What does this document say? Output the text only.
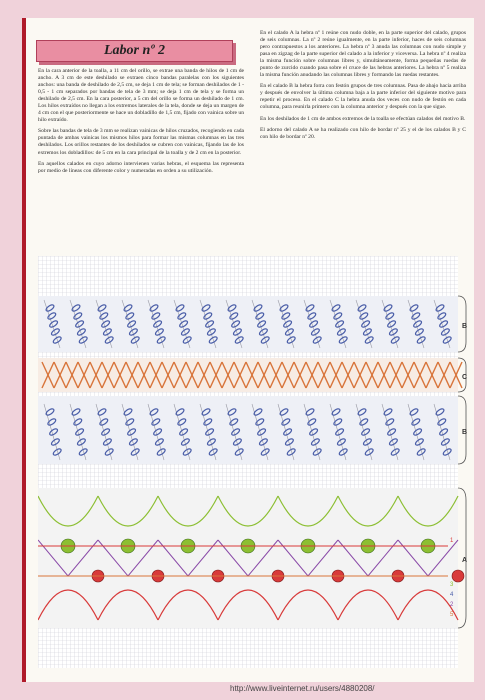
Labor nº 2

En la cara anterior de la toalla, a 11 cm del orillo, se extrae una banda de hilos de 1 cm de ancho. A 3 cm de este deshilado se extraen cinco bandas paralelas con los siguientes anchos: una banda de deshilado de 2,5 cm, se deja 1 cm de tela; se forman deshilados de 1 - 0,5 - 1 cm separados por bandas de tela de 3 mm; se deja 1 cm de tela y se forma un deshilado de 2,5 cm. En la cara posterior, a 5 cm del orillo se forma un deshilado de 1 cm. Los hilos extraídos no llegan a los extremos laterales de la tela, donde se deja un margen de 4 cm con el que posteriormente se hace un dobladillo de 1,5 cm, fijado con vainica sobre un hilo extraído.

Sobre las bandas de tela de 3 mm se realizan vainicas de hilos cruzados, recogiendo en cada puntada de ambas vainicas los mismos hilos para formar las mismas columnas en las tres deshilados. Los orillos restantes de los deshilados se cubren con vainicas, fijando las de los extremos los dobladillos: de 5 cm en la cara principal de la toalla y de 2 cm en la posterior.

En aquellos calados en cuyo adorno intervienen varias hebras, el esquema las representa por medio de líneas con diferente color y numeradas en orden a su utilización.

En el calado A la hebra nº 1 reúne con nudo doble, en la parte superior del calado, grupos de seis columnas. La nº 2 reúne igualmente, en la parte inferior, haces de seis columnas pero contrapuestos a los anteriores. La hebra nº 3 anuda las columnas con nudo simple y pasa en zigzag de la parte superior del calado a la inferior y viceversa. La hebra nº 4 realiza la misma función sobre columnas libres y, simultáneamente, forma pequeñas ruedas de punto de zurcido cuando pasa sobre el cruce de las hebras anteriores. La hebra nº 5 realiza la misma función anudando las columnas libres y formando las ruedas restantes.

En el calado B la hebra forra con festón grupos de tres columnas. Pasa de abajo hacia arriba y después de envolver la última columna baja a la parte inferior del siguiente motivo para repetir el proceso. En el calado C la hebra anuda dos veces con nudo de festón en cada columna, para reunirla primero con la columna anterior y después con la que sigue.

En los deshilados de 1 cm de ambos extremos de la toalla se efectúan calados del motivo B.

El adorno del calado A se ha realizado con hilo de bordar nº 25 y el de los calados B y C con hilo de bordar nº 20.

B
C
B
A
1
3
4
2
5
http://www.liveinternet.ru/users/4880208/
